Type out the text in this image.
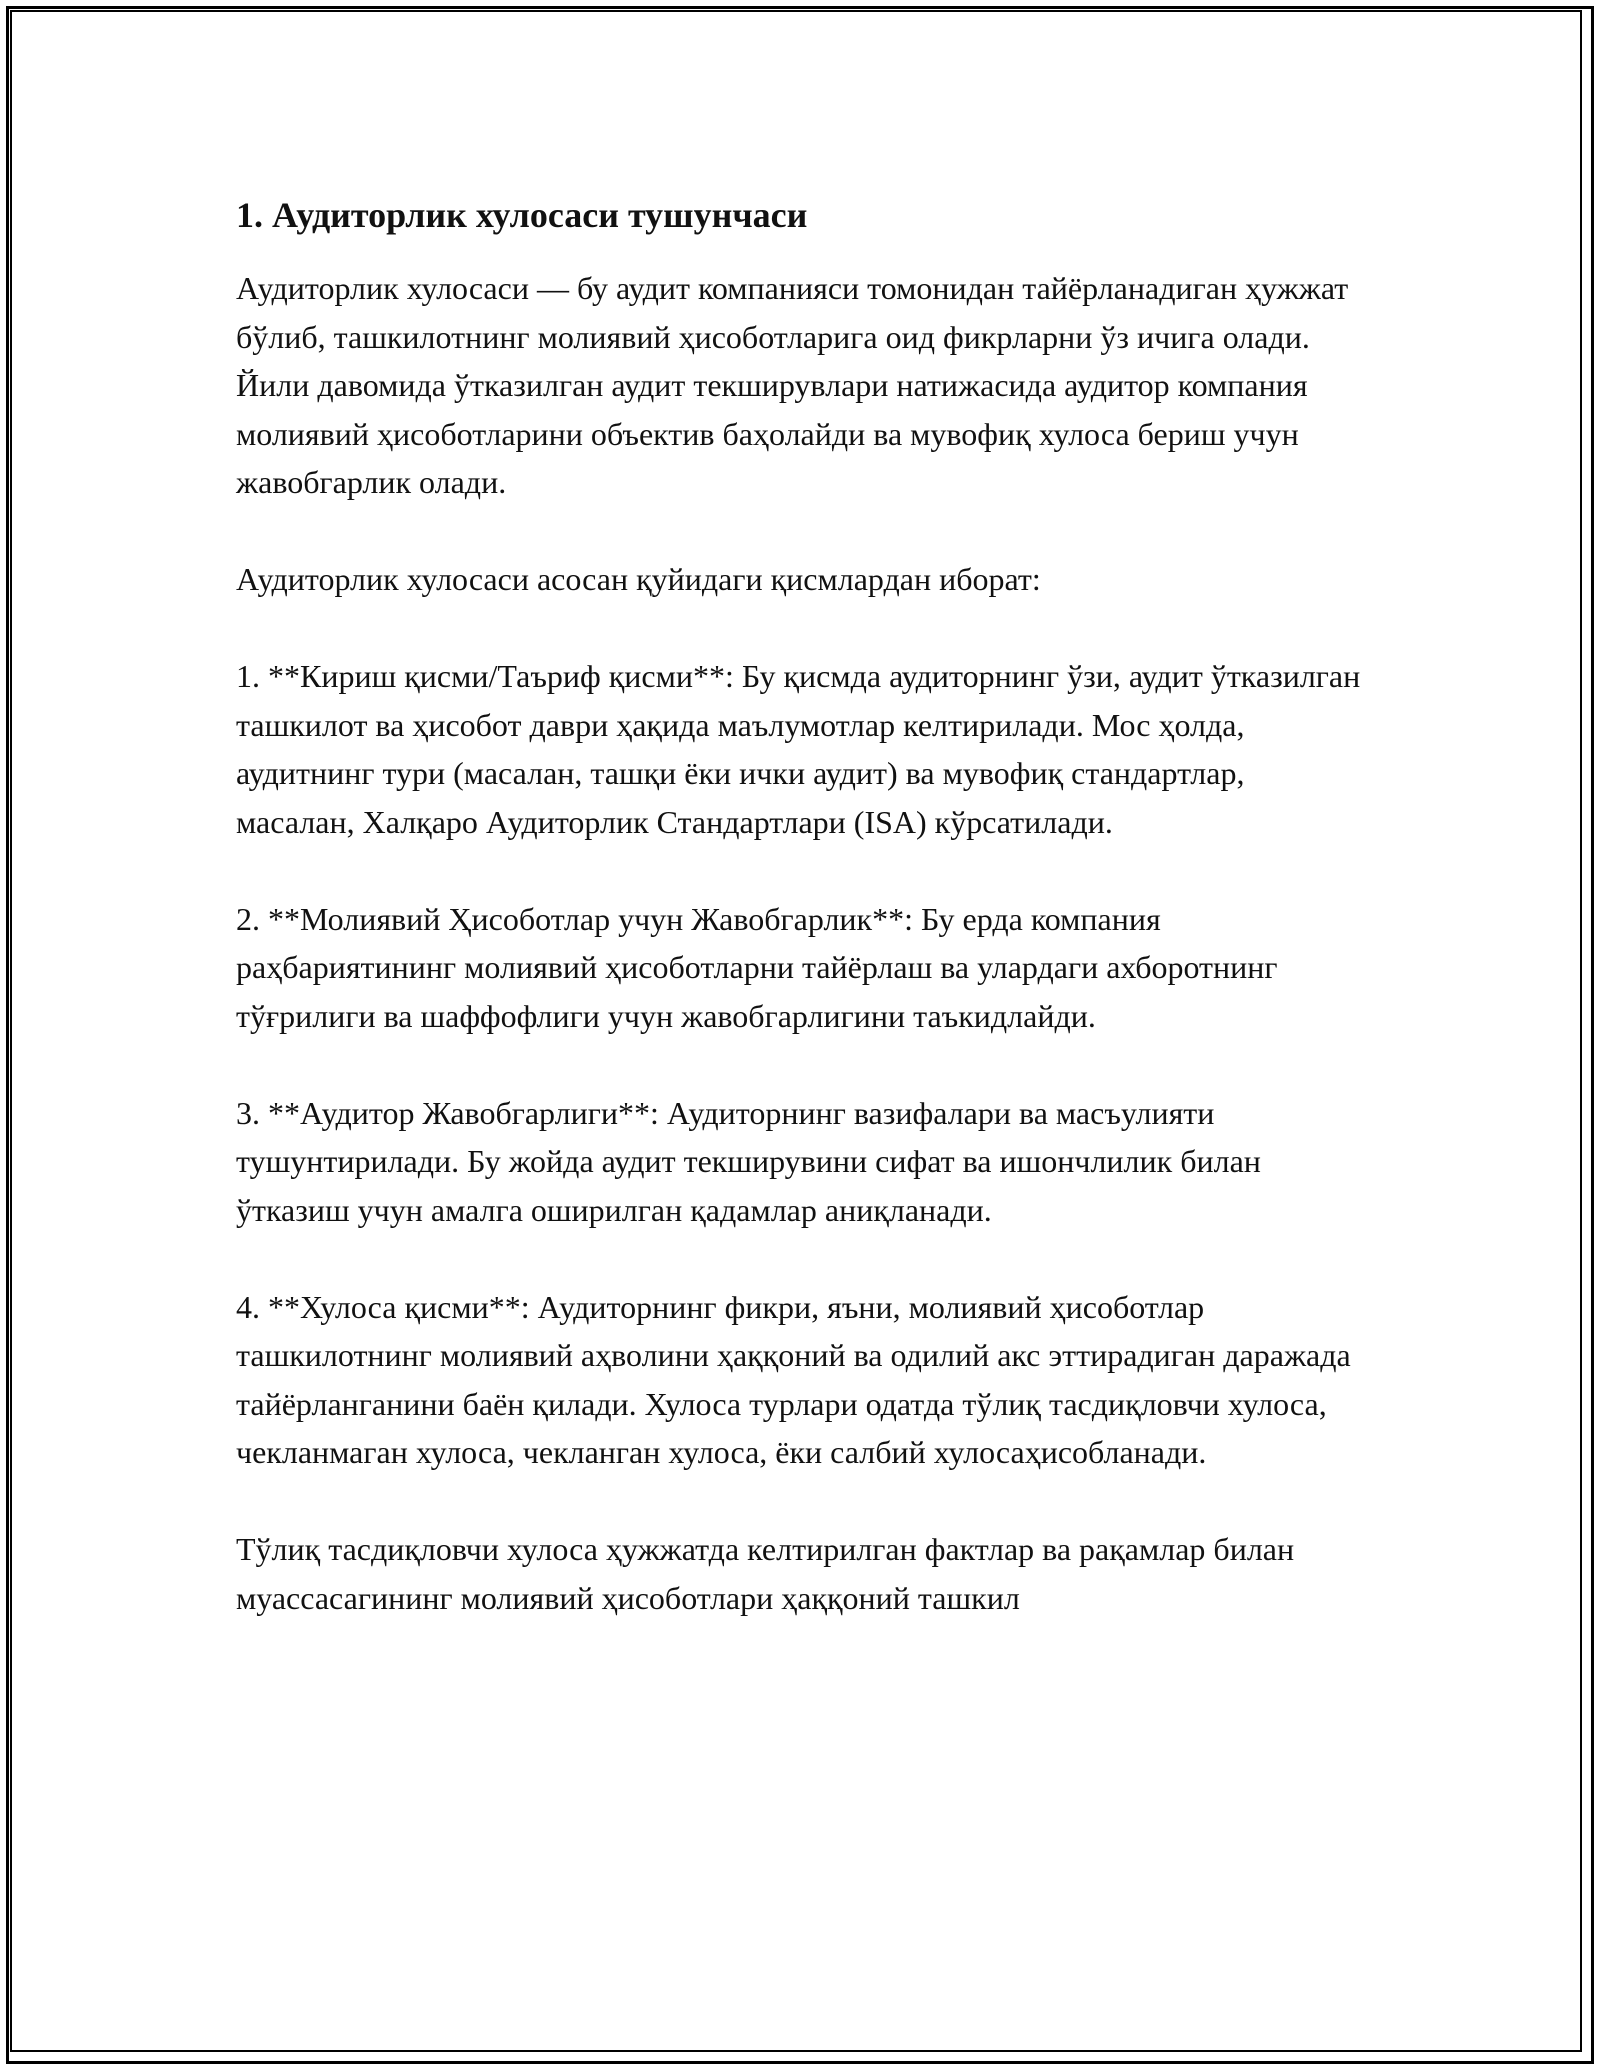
1. Аудиторлик хулосаси тушунчаси

Аудиторлик хулосаси — бу аудит компанияси томонидан тайёрланадиган ҳужжат бўлиб, ташкилотнинг молиявий ҳисоботларига оид фикрларни ўз ичига олади. Йили давомида ўтказилган аудит текширувлари натижасида аудитор компания молиявий ҳисоботларини объектив баҳолайди ва мувофиқ хулоса бериш учун жавобгарлик олади.

Аудиторлик хулосаси асосан қуйидаги қисмлардан иборат:

1. **Кириш қисми/Таъриф қисми**: Бу қисмда аудиторнинг ўзи, аудит ўтказилган ташкилот ва ҳисобот даври ҳақида маълумотлар келтирилади. Мос ҳолда, аудитнинг тури (масалан, ташқи ёки ички аудит) ва мувофиқ стандартлар, масалан, Халқаро Аудиторлик Стандартлари (ISA) кўрсатилади.

2. **Молиявий Ҳисоботлар учун Жавобгарлик**: Бу ерда компания раҳбариятининг молиявий ҳисоботларни тайёрлаш ва улардаги ахборотнинг тўғрилиги ва шаффофлиги учун жавобгарлигини таъкидлайди.

3. **Аудитор Жавобгарлиги**: Аудиторнинг вазифалари ва масъулияти тушунтирилади. Бу жойда аудит текширувини сифат ва ишончлилик билан ўтказиш учун амалга оширилган қадамлар аниқланади.

4. **Хулоса қисми**: Аудиторнинг фикри, яъни, молиявий ҳисоботлар ташкилотнинг молиявий аҳволини ҳаққоний ва одилий акс эттирадиган даражада тайёрланганини баён қилади. Хулоса турлари одатда тўлиқ тасдиқловчи хулоса, чекланмаган хулоса, чекланган хулоса, ёки салбий хулосаҳисобланади.

Тўлиқ тасдиқловчи хулоса ҳужжатда келтирилган фактлар ва рақамлар билан муассасагининг молиявий ҳисоботлари ҳаққоний ташкил
